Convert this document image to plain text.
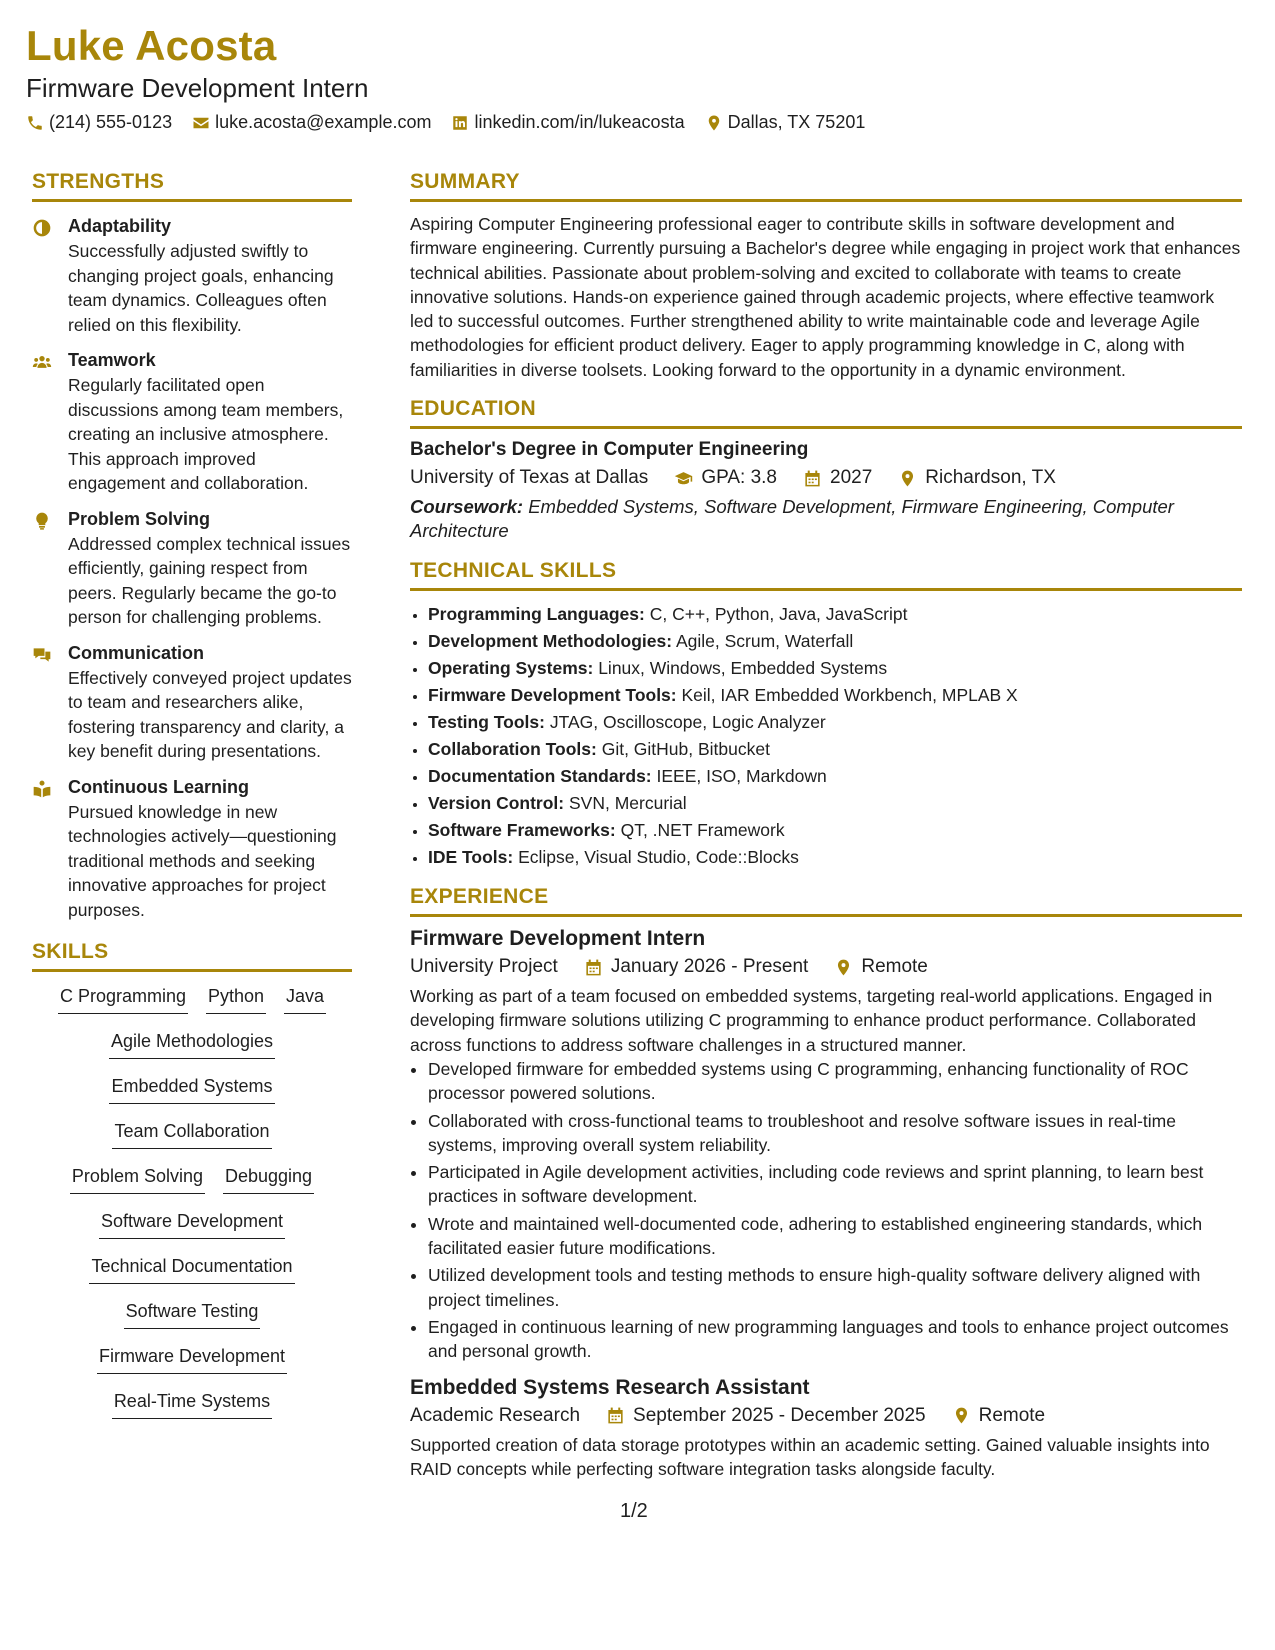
Luke Acosta
Firmware Development Intern
(214) 555-0123 luke.acosta@example.com linkedin.com/in/lukeacosta Dallas, TX 75201
STRENGTHS
Adaptability
Successfully adjusted swiftly to changing project goals, enhancing team dynamics. Colleagues often relied on this flexibility.
Teamwork
Regularly facilitated open discussions among team members, creating an inclusive atmosphere. This approach improved engagement and collaboration.
Problem Solving
Addressed complex technical issues efficiently, gaining respect from peers. Regularly became the go-to person for challenging problems.
Communication
Effectively conveyed project updates to team and researchers alike, fostering transparency and clarity, a key benefit during presentations.
Continuous Learning
Pursued knowledge in new technologies actively—questioning traditional methods and seeking innovative approaches for project purposes.
SKILLS
C Programming Python Java
Agile Methodologies
Embedded Systems
Team Collaboration
Problem Solving Debugging
Software Development
Technical Documentation
Software Testing
Firmware Development
Real-Time Systems
SUMMARY
Aspiring Computer Engineering professional eager to contribute skills in software development and firmware engineering. Currently pursuing a Bachelor's degree while engaging in project work that enhances technical abilities. Passionate about problem-solving and excited to collaborate with teams to create innovative solutions. Hands-on experience gained through academic projects, where effective teamwork led to successful outcomes. Further strengthened ability to write maintainable code and leverage Agile methodologies for efficient product delivery. Eager to apply programming knowledge in C, along with familiarities in diverse toolsets. Looking forward to the opportunity in a dynamic environment.
EDUCATION
Bachelor's Degree in Computer Engineering
University of Texas at Dallas	GPA: 3.8	2027	Richardson, TX
Coursework: Embedded Systems, Software Development, Firmware Engineering, Computer Architecture
TECHNICAL SKILLS
• Programming Languages: C, C++, Python, Java, JavaScript
• Development Methodologies: Agile, Scrum, Waterfall
• Operating Systems: Linux, Windows, Embedded Systems
• Firmware Development Tools: Keil, IAR Embedded Workbench, MPLAB X
• Testing Tools: JTAG, Oscilloscope, Logic Analyzer
• Collaboration Tools: Git, GitHub, Bitbucket
• Documentation Standards: IEEE, ISO, Markdown
• Version Control: SVN, Mercurial
• Software Frameworks: QT, .NET Framework
• IDE Tools: Eclipse, Visual Studio, Code::Blocks
EXPERIENCE
Firmware Development Intern
University Project	January 2026 - Present	Remote
Working as part of a team focused on embedded systems, targeting real-world applications. Engaged in developing firmware solutions utilizing C programming to enhance product performance. Collaborated across functions to address software challenges in a structured manner.
• Developed firmware for embedded systems using C programming, enhancing functionality of ROC processor powered solutions.
• Collaborated with cross-functional teams to troubleshoot and resolve software issues in real-time systems, improving overall system reliability.
• Participated in Agile development activities, including code reviews and sprint planning, to learn best practices in software development.
• Wrote and maintained well-documented code, adhering to established engineering standards, which facilitated easier future modifications.
• Utilized development tools and testing methods to ensure high-quality software delivery aligned with project timelines.
• Engaged in continuous learning of new programming languages and tools to enhance project outcomes and personal growth.
Embedded Systems Research Assistant
Academic Research	September 2025 - December 2025	Remote
Supported creation of data storage prototypes within an academic setting. Gained valuable insights into RAID concepts while perfecting software integration tasks alongside faculty.
1/2
